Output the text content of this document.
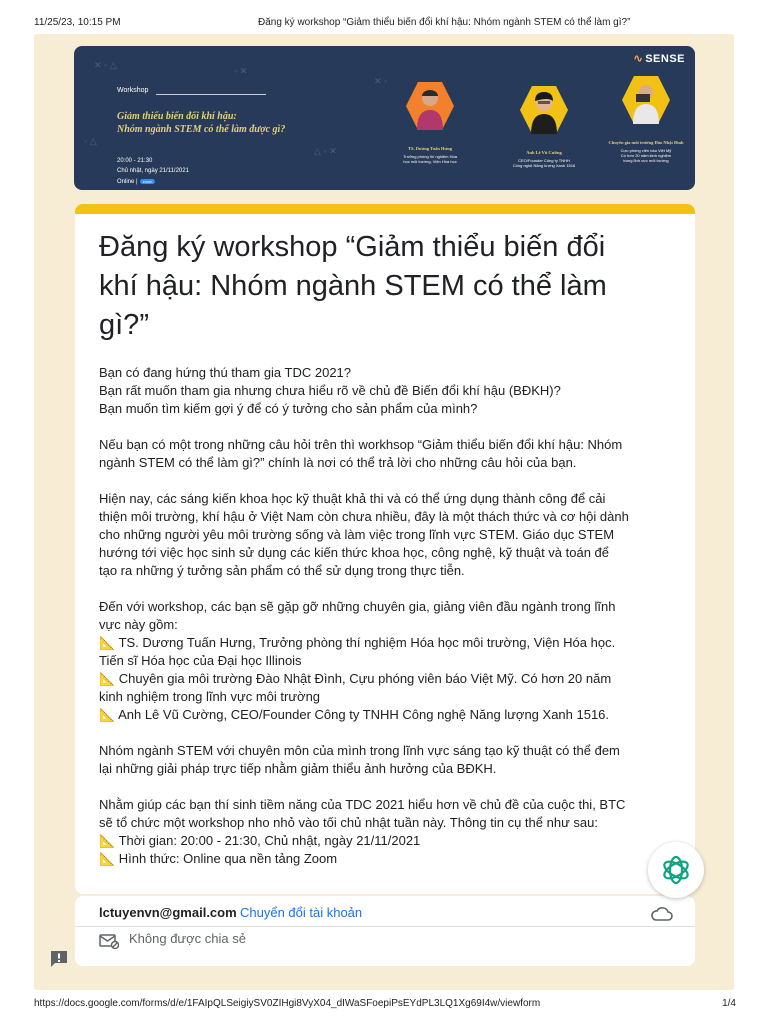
11/25/23, 10:15 PM	Đăng ký workshop “Giảm thiểu biến đổi khí hậu: Nhóm ngành STEM có thể làm gì?”
✕ ◦ △
◦ ✕
△ ◦ ✕
✕ ◦
◦ △
∿ SENSE
Workshop
Giảm thiểu biến đổi khí hậu:
Nhóm ngành STEM có thể làm được gì?
20:00 - 21:30
Chủ nhật, ngày 21/11/2021
Online | zoom
TS. Dương Tuấn Hưng
Trưởng phòng thí nghiệm Hóa
học môi trường, Viện Hóa học
Anh Lê Vũ Cường
CEO/Founder Công ty TNHH
Công nghệ Năng lượng Xanh 1516
Chuyên gia môi trường Đào Nhật Đình
Cựu phóng viên báo Việt Mỹ
Có hơn 20 năm kinh nghiệm
trong lĩnh vực môi trường
Đăng ký workshop “Giảm thiểu biến đổi
khí hậu: Nhóm ngành STEM có thể làm
gì?”
Bạn có đang hứng thú tham gia TDC 2021?
Bạn rất muốn tham gia nhưng chưa hiểu rõ về chủ đề Biến đổi khí hậu (BĐKH)?
Bạn muốn tìm kiếm gợi ý để có ý tưởng cho sản phẩm của mình?
Nếu bạn có một trong những câu hỏi trên thì workhsop “Giảm thiểu biến đổi khí hậu: Nhóm
ngành STEM có thể làm gì?” chính là nơi có thể trả lời cho những câu hỏi của bạn.
Hiện nay, các sáng kiến khoa học kỹ thuật khả thi và có thể ứng dụng thành công để cải
thiện môi trường, khí hậu ở Việt Nam còn chưa nhiều, đây là một thách thức và cơ hội dành
cho những người yêu môi trường sống và làm việc trong lĩnh vực STEM. Giáo dục STEM
hướng tới việc học sinh sử dụng các kiến thức khoa học, công nghệ, kỹ thuật và toán để
tạo ra những ý tưởng sản phẩm có thể sử dụng trong thực tiễn.
Đến với workshop, các bạn sẽ gặp gỡ những chuyên gia, giảng viên đầu ngành trong lĩnh
vực này gồm:
📐 TS. Dương Tuấn Hưng, Trưởng phòng thí nghiệm Hóa học môi trường, Viện Hóa học.
Tiến sĩ Hóa học của Đại học Illinois
📐 Chuyên gia môi trường Đào Nhật Đình, Cựu phóng viên báo Việt Mỹ. Có hơn 20 năm
kinh nghiệm trong lĩnh vực môi trường
📐 Anh Lê Vũ Cường, CEO/Founder Công ty TNHH Công nghệ Năng lượng Xanh 1516.
Nhóm ngành STEM với chuyên môn của mình trong lĩnh vực sáng tạo kỹ thuật có thể đem
lại những giải pháp trực tiếp nhằm giảm thiểu ảnh hưởng của BĐKH.
Nhằm giúp các bạn thí sinh tiềm năng của TDC 2021 hiểu hơn về chủ đề của cuộc thi, BTC
sẽ tổ chức một workshop nho nhỏ vào tối chủ nhật tuần này. Thông tin cụ thể như sau:
📐 Thời gian: 20:00 - 21:30, Chủ nhật, ngày 21/11/2021
📐 Hình thức: Online qua nền tảng Zoom
lctuyenvn@gmail.com Chuyển đổi tài khoản
Không được chia sẻ
https://docs.google.com/forms/d/e/1FAIpQLSeigiySV0ZIHgi8VyX04_dIWaSFoepiPsEYdPL3LQ1Xg69I4w/viewform	1/4
